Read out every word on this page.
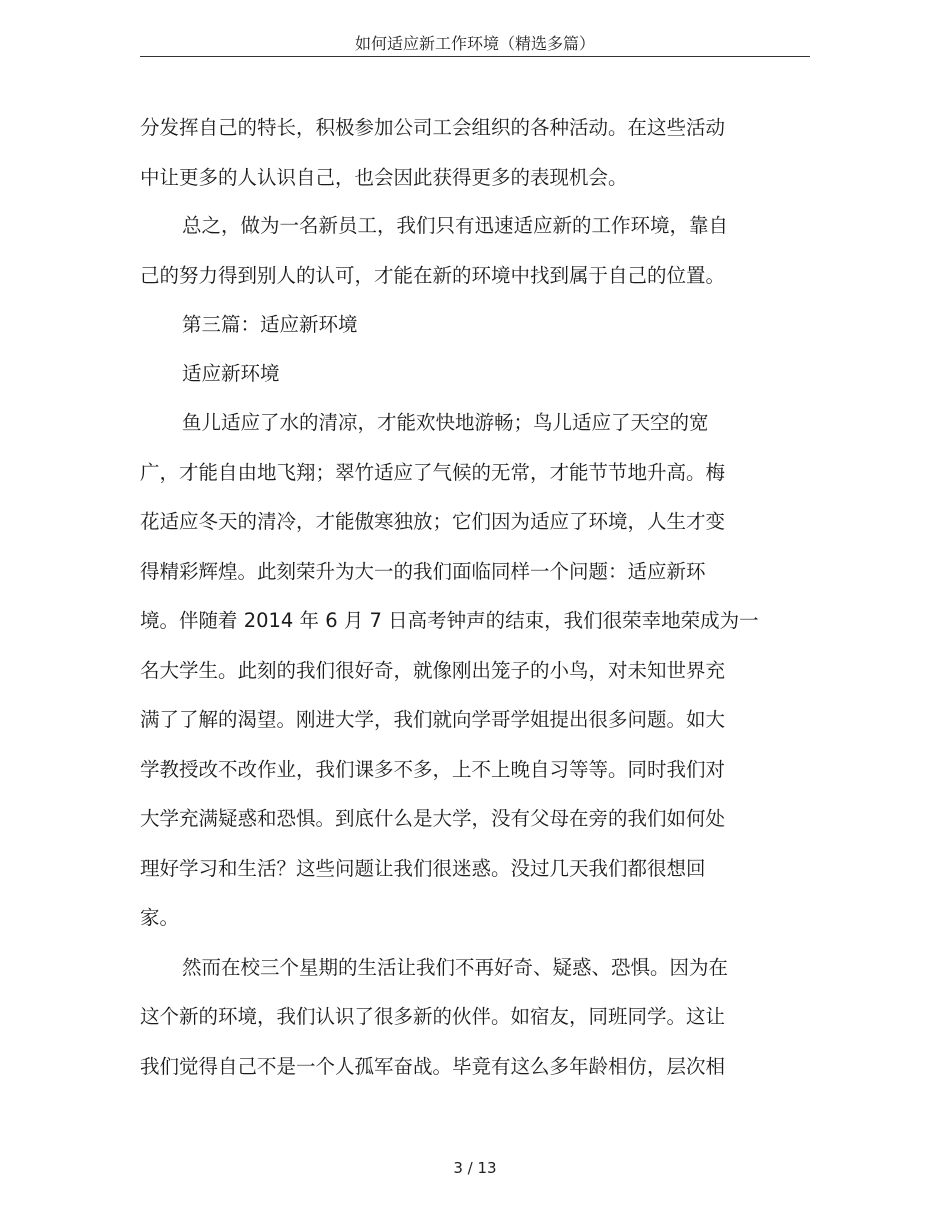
如何适应新工作环境（精选多篇）
分发挥自己的特长，积极参加公司工会组织的各种活动。在这些活动
中让更多的人认识自己，也会因此获得更多的表现机会。
总之，做为一名新员工，我们只有迅速适应新的工作环境，靠自
己的努力得到别人的认可，才能在新的环境中找到属于自己的位置。
第三篇：适应新环境
适应新环境
鱼儿适应了水的清凉，才能欢快地游畅；鸟儿适应了天空的宽
广，才能自由地飞翔；翠竹适应了气候的无常，才能节节地升高。梅
花适应冬天的清冷，才能傲寒独放；它们因为适应了环境，人生才变
得精彩辉煌。此刻荣升为大一的我们面临同样一个问题：适应新环
境。伴随着 2014 年 6 月 7 日高考钟声的结束，我们很荣幸地荣成为一
名大学生。此刻的我们很好奇，就像刚出笼子的小鸟，对未知世界充
满了了解的渴望。刚进大学，我们就向学哥学姐提出很多问题。如大
学教授改不改作业，我们课多不多，上不上晚自习等等。同时我们对
大学充满疑惑和恐惧。到底什么是大学，没有父母在旁的我们如何处
理好学习和生活？这些问题让我们很迷惑。没过几天我们都很想回
家。
然而在校三个星期的生活让我们不再好奇、疑惑、恐惧。因为在
这个新的环境，我们认识了很多新的伙伴。如宿友，同班同学。这让
我们觉得自己不是一个人孤军奋战。毕竟有这么多年龄相仿，层次相
3 / 13
